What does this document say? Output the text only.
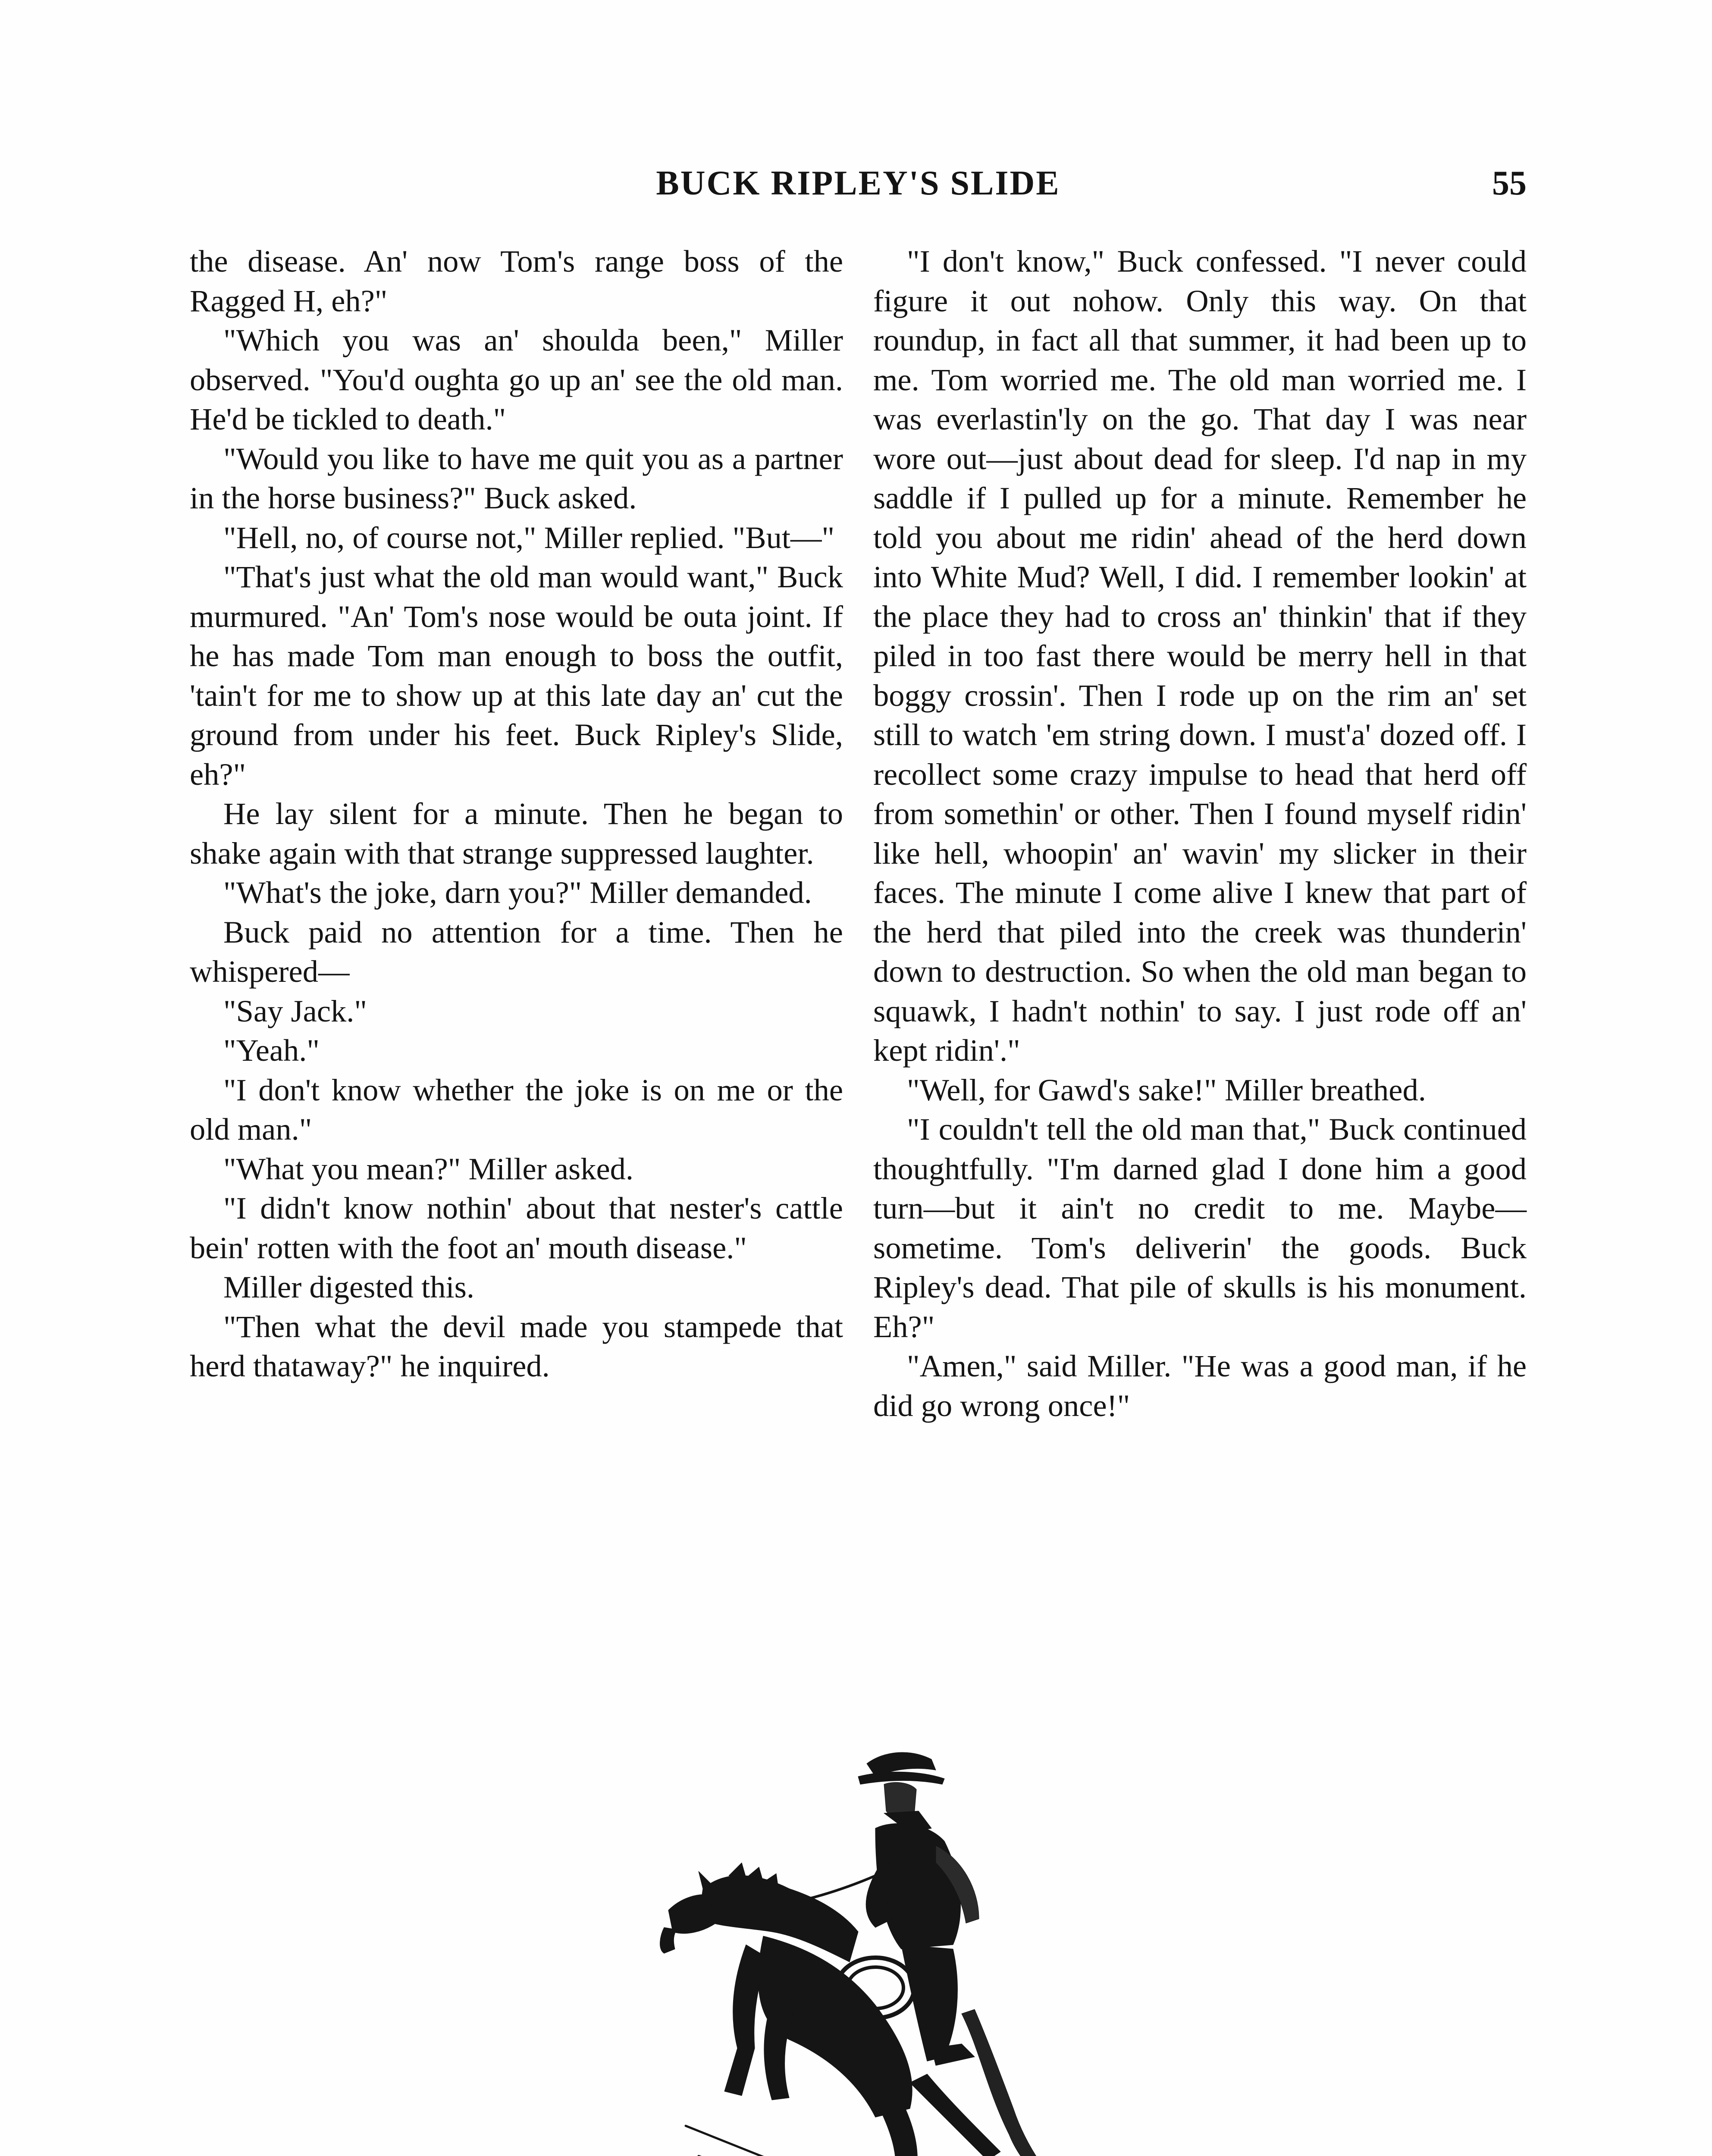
BUCK RIPLEY'S SLIDE	55

the disease. An' now Tom's range boss of the Ragged H, eh?"

"Which you was an' shoulda been," Miller observed. "You'd oughta go up an' see the old man. He'd be tickled to death."

"Would you like to have me quit you as a partner in the horse business?" Buck asked.

"Hell, no, of course not," Miller replied. "But—"

"That's just what the old man would want," Buck murmured. "An' Tom's nose would be outa joint. If he has made Tom man enough to boss the outfit, 'tain't for me to show up at this late day an' cut the ground from under his feet. Buck Ripley's Slide, eh?"

He lay silent for a minute. Then he began to shake again with that strange suppressed laughter.

"What's the joke, darn you?" Miller demanded.

Buck paid no attention for a time. Then he whispered—

"Say Jack."

"Yeah."

"I don't know whether the joke is on me or the old man."

"What you mean?" Miller asked.

"I didn't know nothin' about that nester's cattle bein' rotten with the foot an' mouth disease."

Miller digested this.

"Then what the devil made you stampede that herd thataway?" he inquired.

"I don't know," Buck confessed. "I never could figure it out nohow. Only this way. On that roundup, in fact all that summer, it had been up to me. Tom worried me. The old man worried me. I was everlastin'ly on the go. That day I was near wore out—just about dead for sleep. I'd nap in my saddle if I pulled up for a minute. Remember he told you about me ridin' ahead of the herd down into White Mud? Well, I did. I remember lookin' at the place they had to cross an' thinkin' that if they piled in too fast there would be merry hell in that boggy crossin'. Then I rode up on the rim an' set still to watch 'em string down. I must'a' dozed off. I recollect some crazy impulse to head that herd off from somethin' or other. Then I found myself ridin' like hell, whoopin' an' wavin' my slicker in their faces. The minute I come alive I knew that part of the herd that piled into the creek was thunderin' down to destruction. So when the old man began to squawk, I hadn't nothin' to say. I just rode off an' kept ridin'."

"Well, for Gawd's sake!" Miller breathed.

"I couldn't tell the old man that," Buck continued thoughtfully. "I'm darned glad I done him a good turn—but it ain't no credit to me. Maybe—sometime. Tom's deliverin' the goods. Buck Ripley's dead. That pile of skulls is his monument. Eh?"

"Amen," said Miller. "He was a good man, if he did go wrong once!"
